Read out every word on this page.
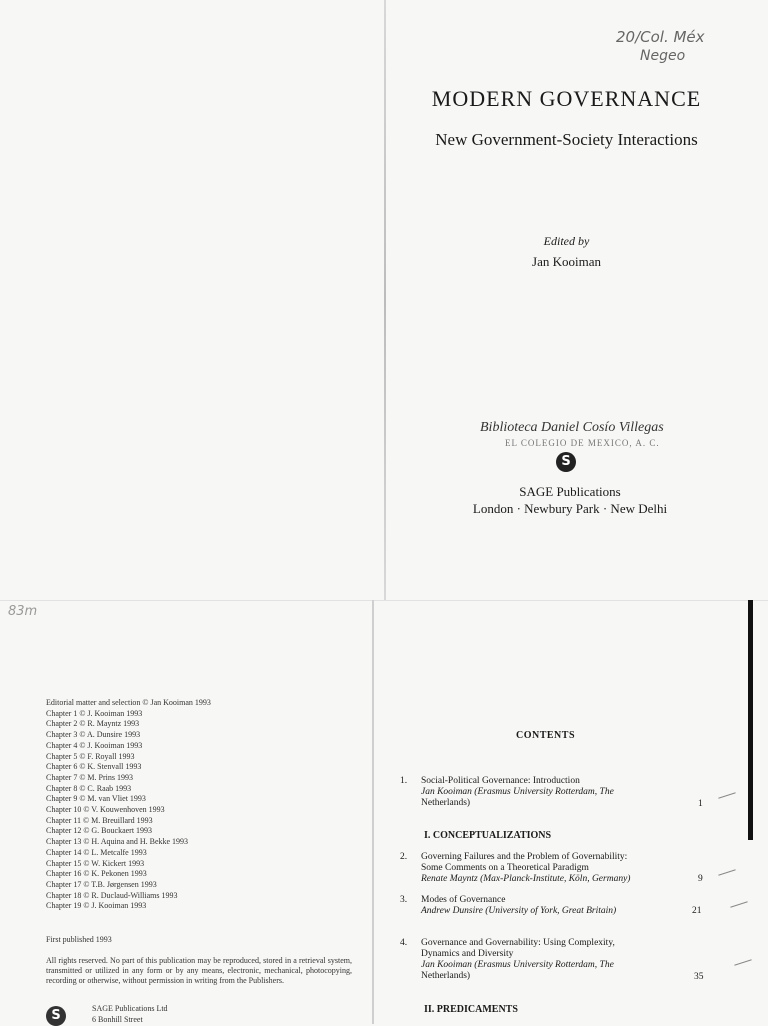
20/Col. Méx
Negeo
83m
MODERN GOVERNANCE
New Government-Society Interactions
Edited by
Jan Kooiman
Biblioteca Daniel Cosío Villegas
EL COLEGIO DE MEXICO, A. C.
S
SAGE Publications
London · Newbury Park · New Delhi
Editorial matter and selection © Jan Kooiman 1993
Chapter 1 © J. Kooiman 1993
Chapter 2 © R. Mayntz 1993
Chapter 3 © A. Dunsire 1993
Chapter 4 © J. Kooiman 1993
Chapter 5 © F. Royall 1993
Chapter 6 © K. Stenvall 1993
Chapter 7 © M. Prins 1993
Chapter 8 © C. Raab 1993
Chapter 9 © M. van Vliet 1993
Chapter 10 © V. Kouwenhoven 1993
Chapter 11 © M. Breuillard 1993
Chapter 12 © G. Bouckaert 1993
Chapter 13 © H. Aquina and H. Bekke 1993
Chapter 14 © L. Metcalfe 1993
Chapter 15 © W. Kickert 1993
Chapter 16 © K. Pekonen 1993
Chapter 17 © T.B. Jørgensen 1993
Chapter 18 © R. Duclaud-Williams 1993
Chapter 19 © J. Kooiman 1993
First published 1993
All rights reserved. No part of this publication may be reproduced, stored in a retrieval system, transmitted or utilized in any form or by any means, electronic, mechanical, photocopying, recording or otherwise, without permission in writing from the Publishers.
S	SAGE Publications Ltd
6 Bonhill Street
CONTENTS
1. Social-Political Governance: Introduction
Jan Kooiman (Erasmus University Rotterdam, The
Netherlands)	1
I. CONCEPTUALIZATIONS
2. Governing Failures and the Problem of Governability:
Some Comments on a Theoretical Paradigm
Renate Mayntz (Max-Planck-Institute, Köln, Germany)	9
3. Modes of Governance
Andrew Dunsire (University of York, Great Britain)	21
4. Governance and Governability: Using Complexity,
Dynamics and Diversity
Jan Kooiman (Erasmus University Rotterdam, The
Netherlands)	35
II. PREDICAMENTS
